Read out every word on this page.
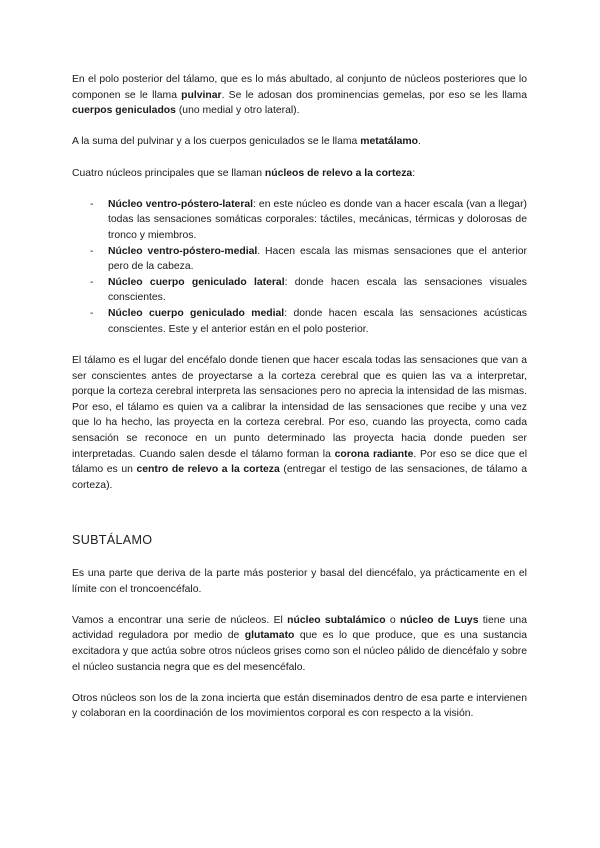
En el polo posterior del tálamo, que es lo más abultado, al conjunto de núcleos posteriores que lo componen se le llama pulvinar. Se le adosan dos prominencias gemelas, por eso se les llama cuerpos geniculados (uno medial y otro lateral).

A la suma del pulvinar y a los cuerpos geniculados se le llama metatálamo.

Cuatro núcleos principales que se llaman núcleos de relevo a la corteza:

- Núcleo ventro-póstero-lateral: en este núcleo es donde van a hacer escala (van a llegar) todas las sensaciones somáticas corporales: táctiles, mecánicas, térmicas y dolorosas de tronco y miembros.
- Núcleo ventro-póstero-medial. Hacen escala las mismas sensaciones que el anterior pero de la cabeza.
- Núcleo cuerpo geniculado lateral: donde hacen escala las sensaciones visuales conscientes.
- Núcleo cuerpo geniculado medial: donde hacen escala las sensaciones acústicas conscientes. Este y el anterior están en el polo posterior.

El tálamo es el lugar del encéfalo donde tienen que hacer escala todas las sensaciones que van a ser conscientes antes de proyectarse a la corteza cerebral que es quien las va a interpretar, porque la corteza cerebral interpreta las sensaciones pero no aprecia la intensidad de las mismas. Por eso, el tálamo es quien va a calibrar la intensidad de las sensaciones que recibe y una vez que lo ha hecho, las proyecta en la corteza cerebral. Por eso, cuando las proyecta, como cada sensación se reconoce en un punto determinado las proyecta hacia donde pueden ser interpretadas. Cuando salen desde el tálamo forman la corona radiante. Por eso se dice que el tálamo es un centro de relevo a la corteza (entregar el testigo de las sensaciones, de tálamo a corteza).

SUBTÁLAMO

Es una parte que deriva de la parte más posterior y basal del diencéfalo, ya prácticamente en el límite con el troncoencéfalo.

Vamos a encontrar una serie de núcleos. El núcleo subtalámico o núcleo de Luys tiene una actividad reguladora por medio de glutamato que es lo que produce, que es una sustancia excitadora y que actúa sobre otros núcleos grises como son el núcleo pálido de diencéfalo y sobre el núcleo sustancia negra que es del mesencéfalo.

Otros núcleos son los de la zona incierta que están diseminados dentro de esa parte e intervienen y colaboran en la coordinación de los movimientos corporal es con respecto a la visión.
